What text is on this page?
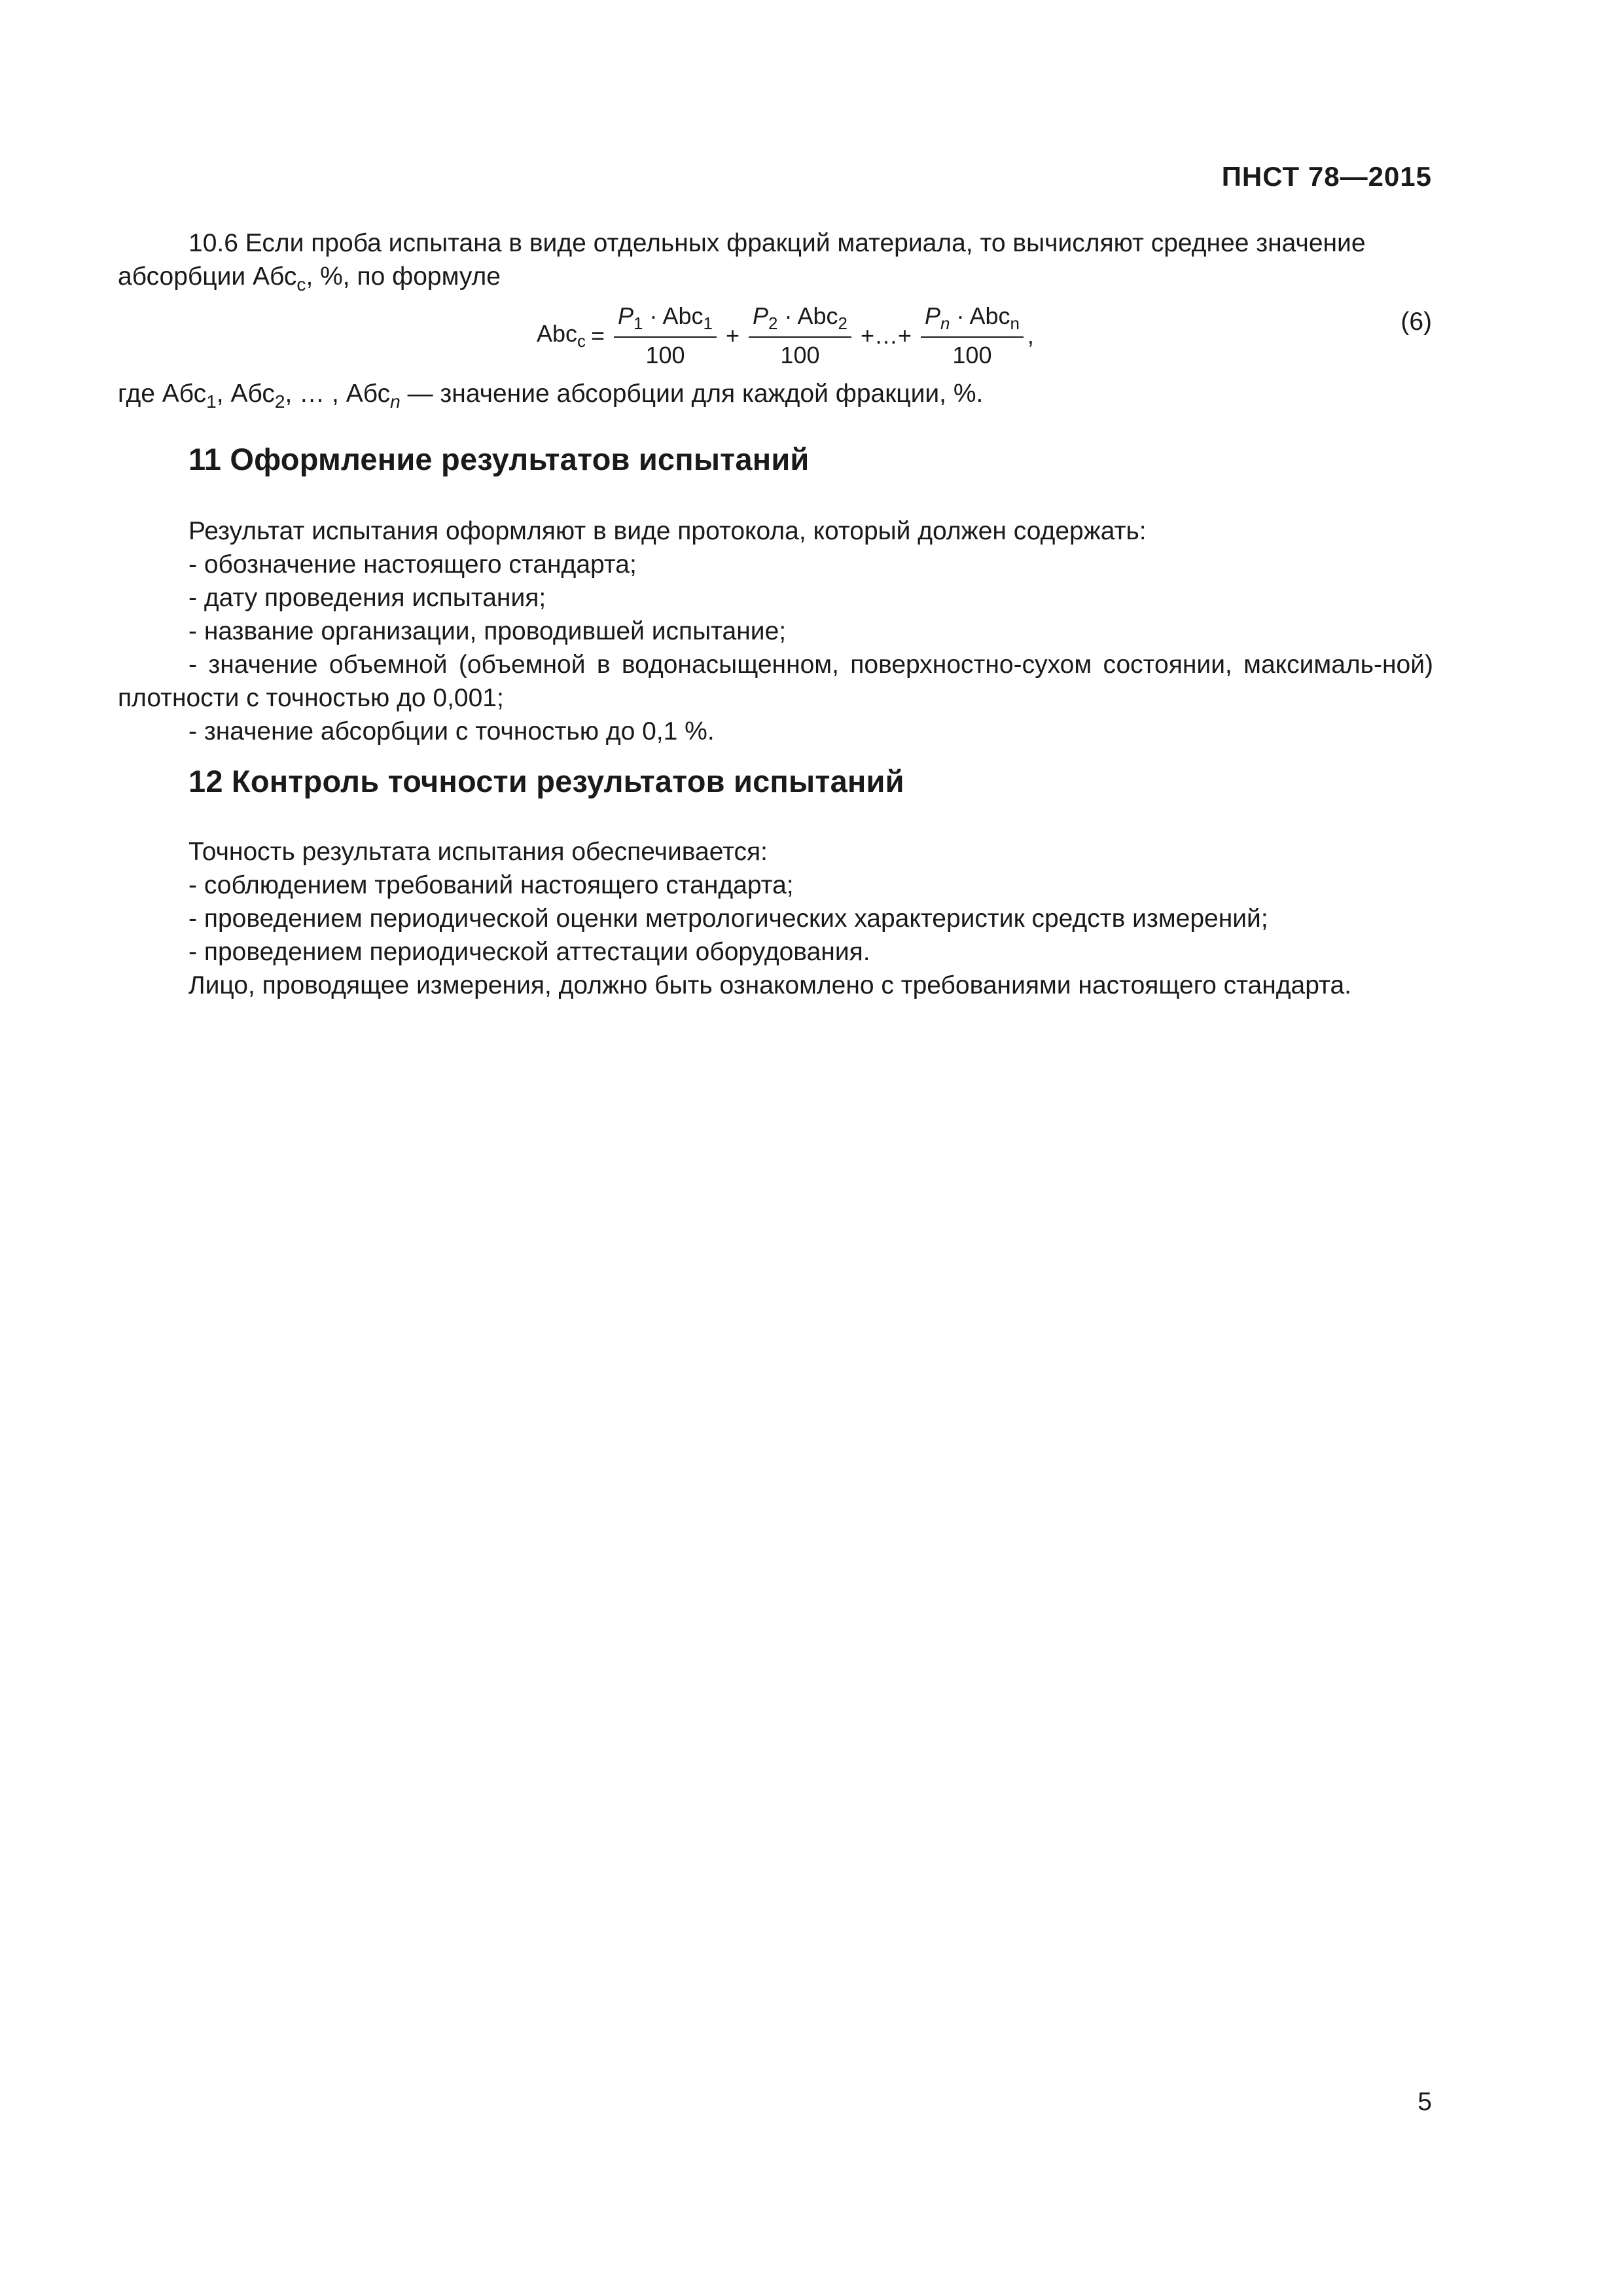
ПНСТ 78—2015

10.6 Если проба испытана в виде отдельных фракций материала, то вычисляют среднее значение

абсорбции Абс$_с$, %, по формуле

$Abc_c = \frac{P_1 \cdot Abc_1}{100} + \frac{P_2 \cdot Abc_2}{100}$ +…+ $\frac{P_n \cdot Abc_n}{100}$ ,	(6)

где Абс$_1$, Абс$_2$, … , Абс$_n$ — значение абсорбции для каждой фракции, %.

11 Оформление результатов испытаний

Результат испытания оформляют в виде протокола, который должен содержать:

- обозначение настоящего стандарта;

- дату проведения испытания;

- название организации, проводившей испытание;

- значение объемной (объемной в водонасыщенном, поверхностно-сухом состоянии, максималь-ной) плотности с точностью до 0,001;

- значение абсорбции с точностью до 0,1 %.

12 Контроль точности результатов испытаний

Точность результата испытания обеспечивается:

- соблюдением требований настоящего стандарта;

- проведением периодической оценки метрологических характеристик средств измерений;

- проведением периодической аттестации оборудования.

Лицо, проводящее измерения, должно быть ознакомлено с требованиями настоящего стандарта.

5
